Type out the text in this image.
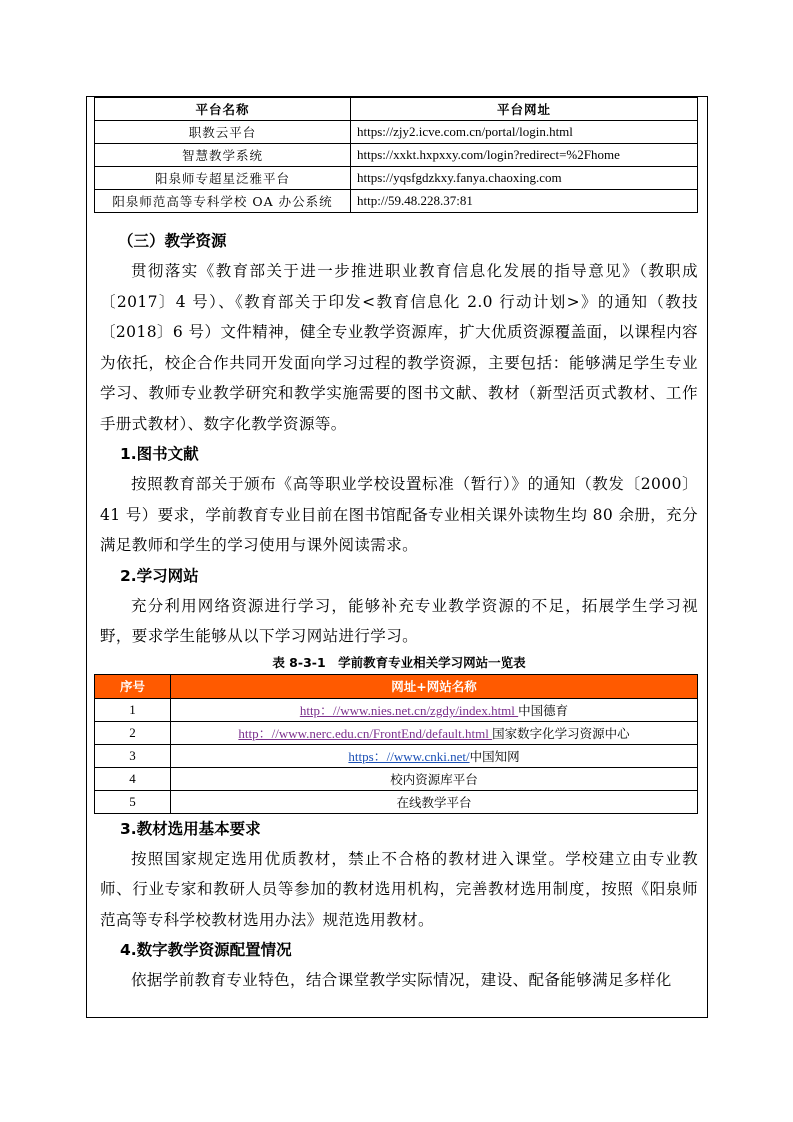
平台名称	平台网址
职教云平台	https://zjy2.icve.com.cn/portal/login.html
智慧教学系统	https://xxkt.hxpxxy.com/login?redirect=%2Fhome
阳泉师专超星泛雅平台	https://yqsfgdzkxy.fanya.chaoxing.com
阳泉师范高等专科学校 OA 办公系统	http://59.48.228.37:81
（三）教学资源

贯彻落实《教育部关于进一步推进职业教育信息化发展的指导意见》（教职成〔2017〕4 号）、《教育部关于印发<教育信息化 2.0 行动计划>》的通知（教技〔2018〕6 号）文件精神，健全专业教学资源库，扩大优质资源覆盖面，以课程内容为依托，校企合作共同开发面向学习过程的教学资源，主要包括：能够满足学生专业学习、教师专业教学研究和教学实施需要的图书文献、教材（新型活页式教材、工作手册式教材）、数字化教学资源等。

1.图书文献

按照教育部关于颁布《高等职业学校设置标准（暂行）》的通知（教发〔2000〕41 号）要求，学前教育专业目前在图书馆配备专业相关课外读物生均 80 余册，充分满足教师和学生的学习使用与课外阅读需求。

2.学习网站

充分利用网络资源进行学习，能够补充专业教学资源的不足，拓展学生学习视野，要求学生能够从以下学习网站进行学习。

表 8-3-1　学前教育专业相关学习网站一览表
序号	网址+网站名称
1	http：//www.nies.net.cn/zgdy/index.html 中国德育
2	http：//www.nerc.edu.cn/FrontEnd/default.html 国家数字化学习资源中心
3	https：//www.cnki.net/中国知网
4	校内资源库平台
5	在线教学平台
3.教材选用基本要求

按照国家规定选用优质教材，禁止不合格的教材进入课堂。学校建立由专业教师、行业专家和教研人员等参加的教材选用机构，完善教材选用制度，按照《阳泉师范高等专科学校教材选用办法》规范选用教材。

4.数字教学资源配置情况

依据学前教育专业特色，结合课堂教学实际情况，建设、配备能够满足多样化
